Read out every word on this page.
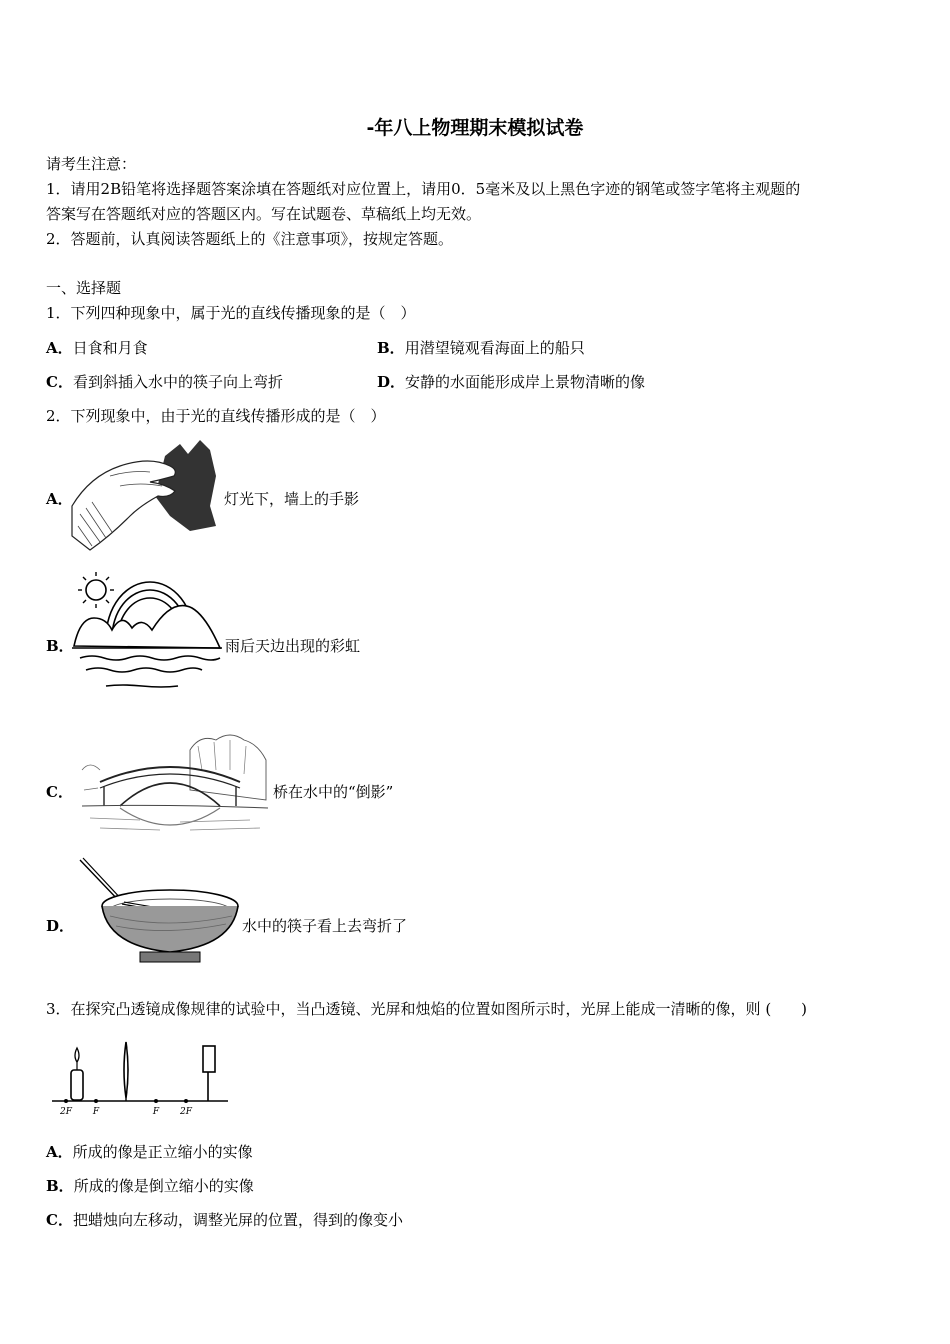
-年八上物理期末模拟试卷
请考生注意：
1．请用2B铅笔将选择题答案涂填在答题纸对应位置上，请用0．5毫米及以上黑色字迹的钢笔或签字笔将主观题的
答案写在答题纸对应的答题区内。写在试题卷、草稿纸上均无效。
2．答题前，认真阅读答题纸上的《注意事项》，按规定答题。
一、选择题
1．下列四种现象中，属于光的直线传播现象的是（　）
A．日食和月食	B．用潜望镜观看海面上的船只
C．看到斜插入水中的筷子向上弯折	D．安静的水面能形成岸上景物清晰的像
2．下列现象中，由于光的直线传播形成的是（　）
A．	灯光下，墙上的手影
B．	雨后天边出现的彩虹
C．	桥在水中的“倒影”
D．	水中的筷子看上去弯折了
3．在探究凸透镜成像规律的试验中，当凸透镜、光屏和烛焰的位置如图所示时，光屏上能成一清晰的像，则 (　　)
2F F	F 2F
A．所成的像是正立缩小的实像
B．所成的像是倒立缩小的实像
C．把蜡烛向左移动，调整光屏的位置，得到的像变小
